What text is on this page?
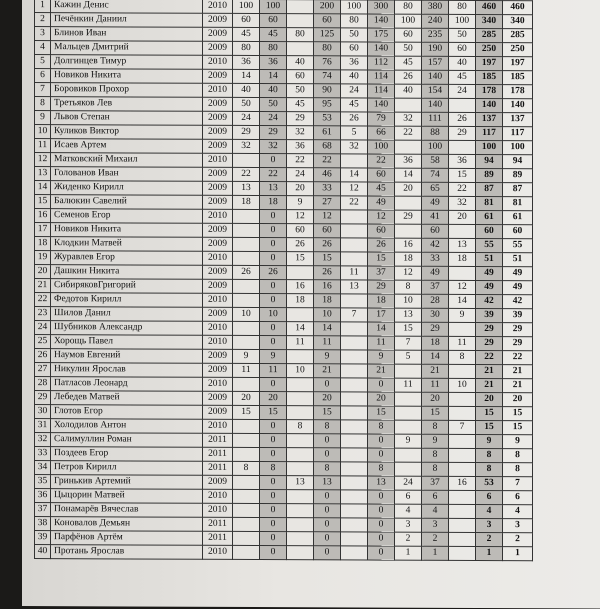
1	Кажин Денис	2010	100	100		200	100	300	80	380	80	460	460
2	Печёнкин Даниил	2009	60	60		60	80	140	100	240	100	340	340
3	Блинов Иван	2009	45	45	80	125	50	175	60	235	50	285	285
4	Мальцев Дмитрий	2009	80	80		80	60	140	50	190	60	250	250
5	Долгинцев Тимур	2010	36	36	40	76	36	112	45	157	40	197	197
6	Новиков Никита	2009	14	14	60	74	40	114	26	140	45	185	185
7	Боровиков Прохор	2010	40	40	50	90	24	114	40	154	24	178	178
8	Третьяков Лев	2009	50	50	45	95	45	140		140		140	140
9	Львов Степан	2009	24	24	29	53	26	79	32	111	26	137	137
10	Куликов Виктор	2009	29	29	32	61	5	66	22	88	29	117	117
11	Исаев Артем	2009	32	32	36	68	32	100		100		100	100
12	Матковский Михаил	2010		0	22	22		22	36	58	36	94	94
13	Голованов Иван	2009	22	22	24	46	14	60	14	74	15	89	89
14	Жиденко Кирилл	2009	13	13	20	33	12	45	20	65	22	87	87
15	Балюкин Савелий	2009	18	18	9	27	22	49		49	32	81	81
16	Семенов Егор	2010		0	12	12		12	29	41	20	61	61
17	Новиков Никита	2009		0	60	60		60		60		60	60
18	Клодкин Матвей	2009		0	26	26		26	16	42	13	55	55
19	Журавлев Егор	2010		0	15	15		15	18	33	18	51	51
20	Дашкин Никита	2009	26	26		26	11	37	12	49		49	49
21	СибиряковГригорий	2009		0	16	16	13	29	8	37	12	49	49
22	Федотов Кирилл	2010		0	18	18		18	10	28	14	42	42
23	Шилов Данил	2009	10	10		10	7	17	13	30	9	39	39
24	Шубников Александр	2010		0	14	14		14	15	29		29	29
25	Хорощь Павел	2010		0	11	11		11	7	18	11	29	29
26	Наумов Евгений	2009	9	9		9		9	5	14	8	22	22
27	Никулин Ярослав	2009	11	11	10	21		21		21		21	21
28	Патласов Леонард	2010		0		0		0	11	11	10	21	21
29	Лебедев Матвей	2009	20	20		20		20		20		20	20
30	Глотов Егор	2009	15	15		15		15		15		15	15
31	Холодилов Антон	2010		0	8	8		8		8	7	15	15
32	Салимуллин Роман	2011		0		0		0	9	9		9	9
33	Поздеев Егор	2011		0		0		0		8		8	8
34	Петров Кирилл	2011	8	8		8		8		8		8	8
35	Гринькив Артемий	2009		0	13	13		13	24	37	16	53	7
36	Цыцорин Матвей	2010		0		0		0	6	6		6	6
37	Понамарёв Вячеслав	2010		0		0		0	4	4		4	4
38	Коновалов Демьян	2011		0		0		0	3	3		3	3
39	Парфёнов Артём	2011		0		0		0	2	2		2	2
40	Протань Ярослав	2010		0		0		0	1	1		1	1
